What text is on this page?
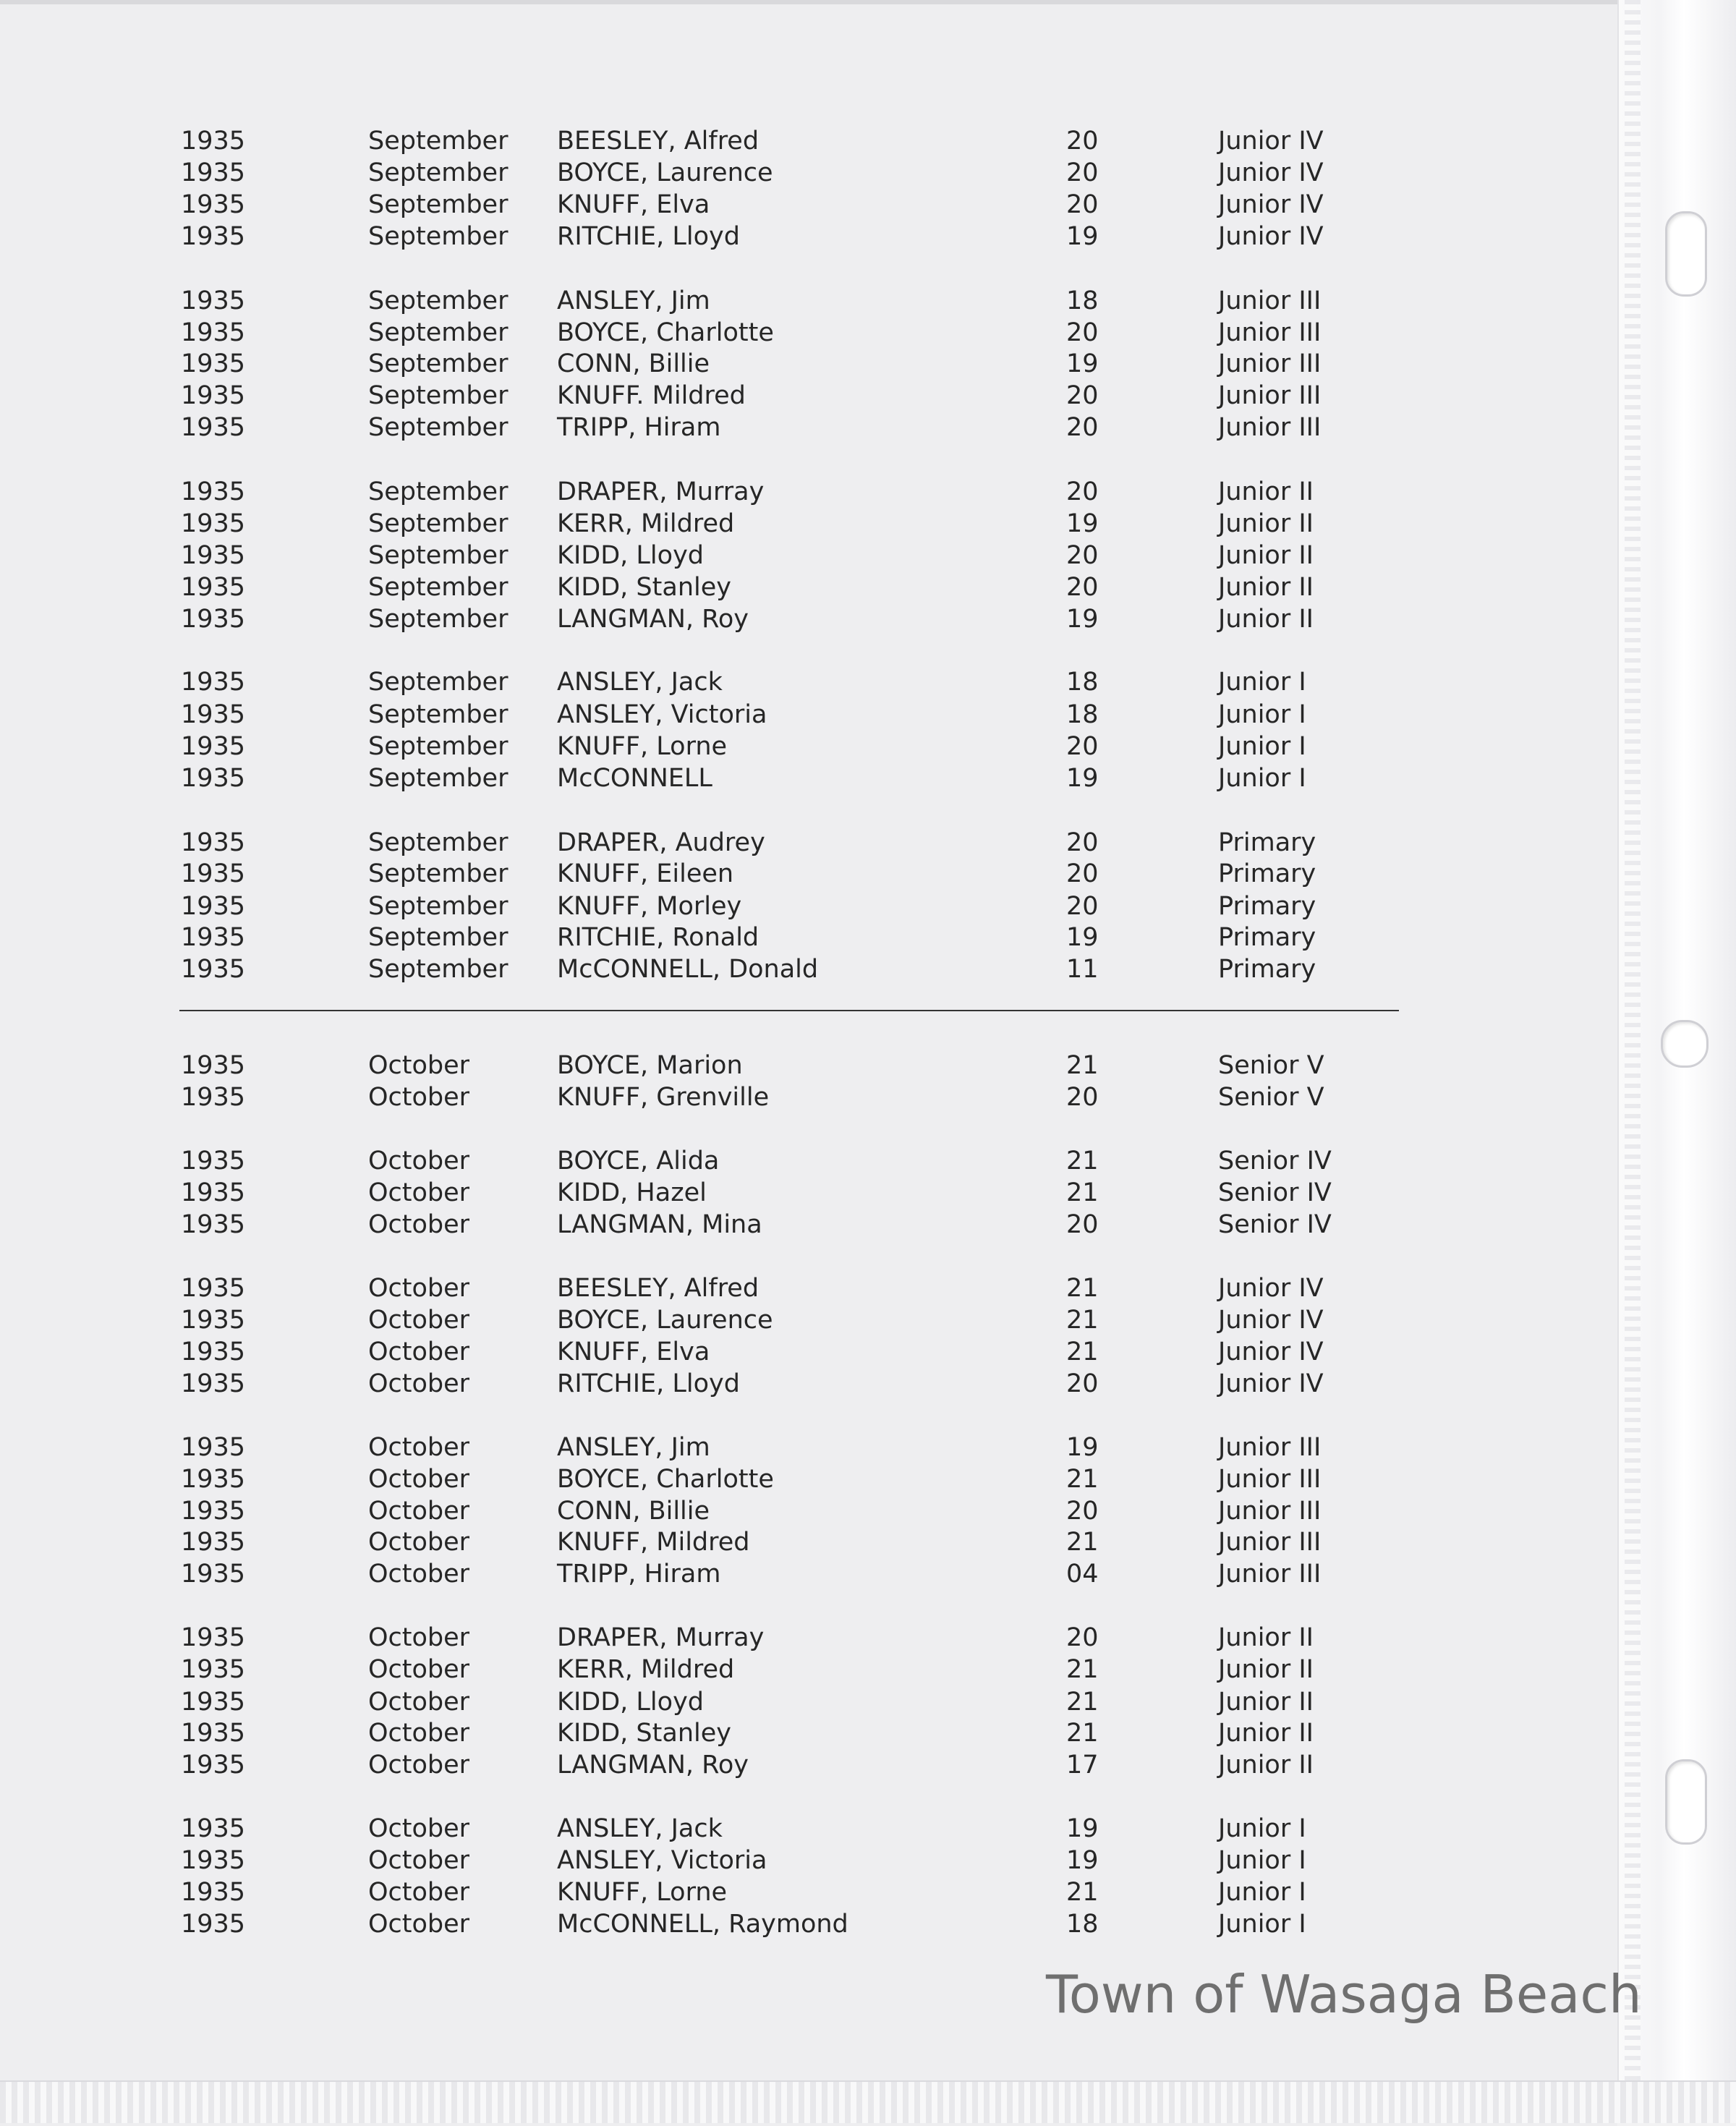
1935	September BEESLEY, Alfred	20	Junior IV
1935	September BOYCE, Laurence	20	Junior IV
1935	September KNUFF, Elva	20	Junior IV
1935	September RITCHIE, Lloyd	19	Junior IV
1935	September ANSLEY, Jim	18	Junior III
1935	September BOYCE, Charlotte	20	Junior III
1935	September CONN, Billie	19	Junior III
1935	September KNUFF. Mildred	20	Junior III
1935	September TRIPP, Hiram	20	Junior III
1935	September DRAPER, Murray	20	Junior II
1935	September KERR, Mildred	19	Junior II
1935	September KIDD, Lloyd	20	Junior II
1935	September KIDD, Stanley	20	Junior II
1935	September LANGMAN, Roy	19	Junior II
1935	September ANSLEY, Jack	18	Junior I
1935	September ANSLEY, Victoria	18	Junior I
1935	September KNUFF, Lorne	20	Junior I
1935	September McCONNELL	19	Junior I
1935	September DRAPER, Audrey	20	Primary
1935	September KNUFF, Eileen	20	Primary
1935	September KNUFF, Morley	20	Primary
1935	September RITCHIE, Ronald	19	Primary
1935	September McCONNELL, Donald	11	Primary
1935	October	BOYCE, Marion	21	Senior V
1935	October	KNUFF, Grenville	20	Senior V
1935	October	BOYCE, Alida	21	Senior IV
1935	October	KIDD, Hazel	21	Senior IV
1935	October	LANGMAN, Mina	20	Senior IV
1935	October	BEESLEY, Alfred	21	Junior IV
1935	October	BOYCE, Laurence	21	Junior IV
1935	October	KNUFF, Elva	21	Junior IV
1935	October	RITCHIE, Lloyd	20	Junior IV
1935	October	ANSLEY, Jim	19	Junior III
1935	October	BOYCE, Charlotte	21	Junior III
1935	October	CONN, Billie	20	Junior III
1935	October	KNUFF, Mildred	21	Junior III
1935	October	TRIPP, Hiram	04	Junior III
1935	October	DRAPER, Murray	20	Junior II
1935	October	KERR, Mildred	21	Junior II
1935	October	KIDD, Lloyd	21	Junior II
1935	October	KIDD, Stanley	21	Junior II
1935	October	LANGMAN, Roy	17	Junior II
1935	October	ANSLEY, Jack	19	Junior I
1935	October	ANSLEY, Victoria	19	Junior I
1935	October	KNUFF, Lorne	21	Junior I
1935	October	McCONNELL, Raymond	18	Junior I
Town of Wasaga Beach
